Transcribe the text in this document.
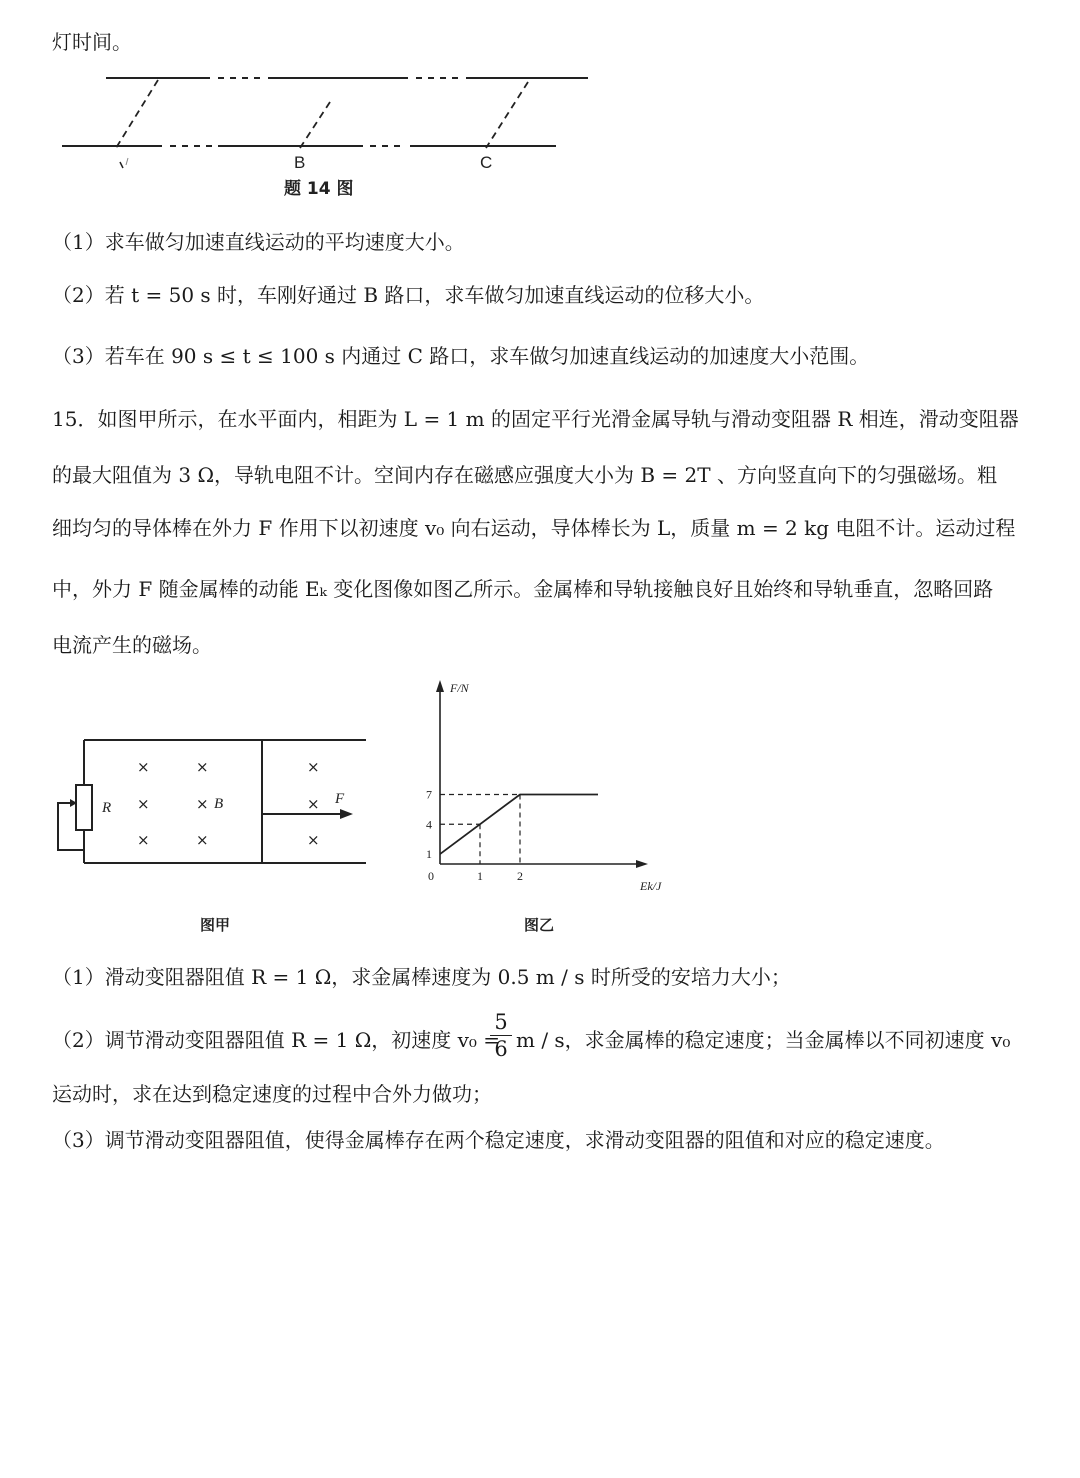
灯时间。
B	C
题 14 图
（1）求车做匀加速直线运动的平均速度大小。
（2）若 t = 50 s 时，车刚好通过 B 路口，求车做匀加速直线运动的位移大小。
（3）若车在 90 s ≤ t ≤ 100 s 内通过 C 路口，求车做匀加速直线运动的加速度大小范围。
15．如图甲所示，在水平面内，相距为 L = 1 m 的固定平行光滑金属导轨与滑动变阻器 R 相连，滑动变阻器
的最大阻值为 3 Ω，导轨电阻不计。空间内存在磁感应强度大小为 B = 2T 、方向竖直向下的匀强磁场。粗
细均匀的导体棒在外力 F 作用下以初速度 v₀ 向右运动，导体棒长为 L，质量 m = 2 kg 电阻不计。运动过程
中，外力 F 随金属棒的动能 Eₖ 变化图像如图乙所示。金属棒和导轨接触良好且始终和导轨垂直，忽略回路
电流产生的磁场。
×	×	×
×	×	×
×	×	×
R	B	F
图甲
F/N
Ek/J
0	1	2
1
4
7
图乙
（1）滑动变阻器阻值 R = 1 Ω，求金属棒速度为 0.5 m / s 时所受的安培力大小；
（2）调节滑动变阻器阻值 R = 1 Ω，初速度 v₀ =
5
6 m / s，求金属棒的稳定速度；当金属棒以不同初速度 v₀
运动时，求在达到稳定速度的过程中合外力做功；
（3）调节滑动变阻器阻值，使得金属棒存在两个稳定速度，求滑动变阻器的阻值和对应的稳定速度。
